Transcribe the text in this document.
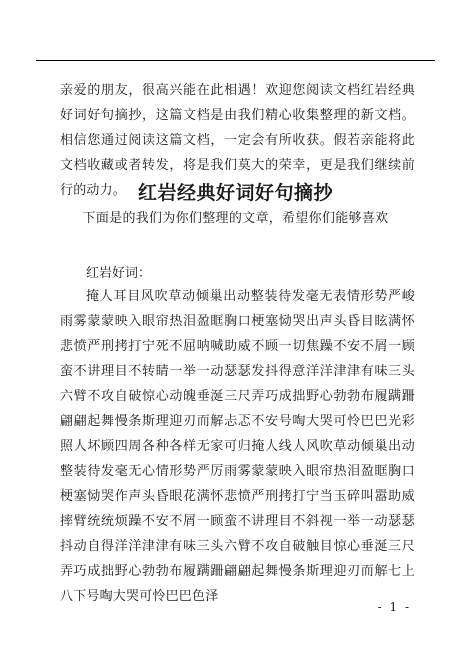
亲爱的朋友，很高兴能在此相遇！欢迎您阅读文档红岩经典好词好句摘抄，这篇文档是由我们精心收集整理的新文档。相信您通过阅读这篇文档，一定会有所收获。假若亲能将此文档收藏或者转发，将是我们莫大的荣幸，更是我们继续前行的动力。 红岩经典好词好句摘抄

下面是的我们为你们整理的文章，希望你们能够喜欢

红岩好词：

掩人耳目风吹草动倾巢出动整装待发毫无表情形势严峻雨雾蒙蒙映入眼帘热泪盈眶胸口梗塞恸哭出声头昏目眩满怀悲愤严刑拷打宁死不屈呐喊助威不顾一切焦躁不安不屑一顾蛮不讲理目不转睛一举一动瑟瑟发抖得意洋洋津津有味三头六臂不攻自破惊心动魄垂涎三尺弄巧成拙野心勃勃布履蹒跚翩翩起舞慢条斯理迎刃而解忐忑不安号啕大哭可怜巴巴光彩照人坏顾四周各种各样无家可归掩人线人风吹草动倾巢出动整装待发毫无心情形势严厉雨雾蒙蒙映入眼帘热泪盈眶胸口梗塞恸哭作声头昏眼花满怀悲愤严刑拷打宁当玉碎叫嚣助威摔臂统统烦躁不安不屑一顾蛮不讲理目不斜视一举一动瑟瑟抖动自得洋洋津津有味三头六臂不攻自破触目惊心垂涎三尺弄巧成拙野心勃勃布履蹒跚翩翩起舞慢条斯理迎刃而解七上八下号啕大哭可怜巴巴色泽

- 1 -
